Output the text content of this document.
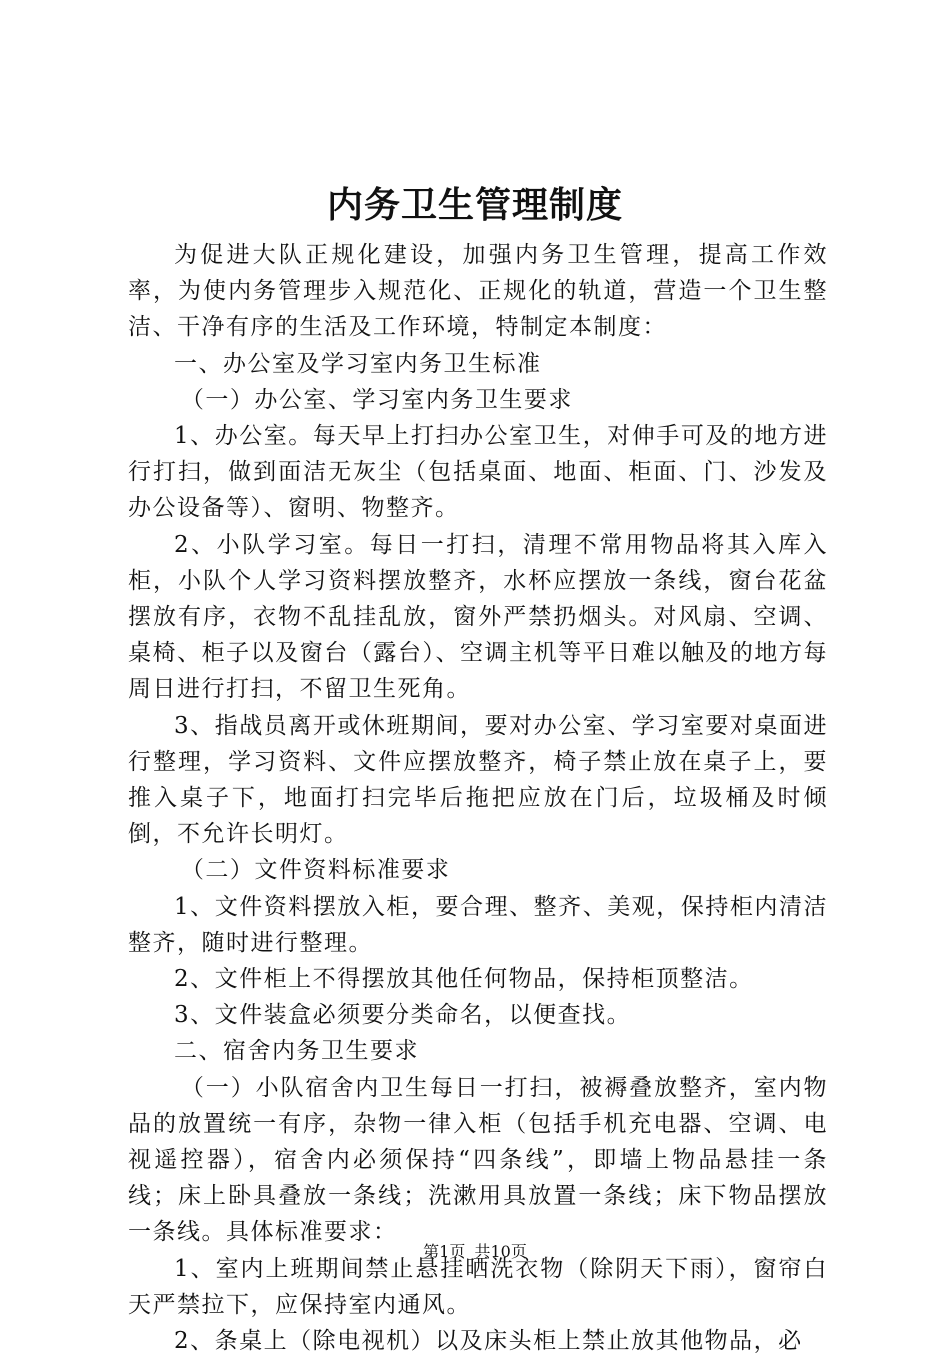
内务卫生管理制度

为促进大队正规化建设，加强内务卫生管理，提高工作效率，为使内务管理步入规范化、正规化的轨道，营造一个卫生整洁、干净有序的生活及工作环境，特制定本制度：

一、办公室及学习室内务卫生标准

（一）办公室、学习室内务卫生要求

1、办公室。每天早上打扫办公室卫生，对伸手可及的地方进行打扫，做到面洁无灰尘（包括桌面、地面、柜面、门、沙发及办公设备等）、窗明、物整齐。

2、小队学习室。每日一打扫，清理不常用物品将其入库入柜，小队个人学习资料摆放整齐，水杯应摆放一条线，窗台花盆摆放有序，衣物不乱挂乱放，窗外严禁扔烟头。对风扇、空调、桌椅、柜子以及窗台（露台）、空调主机等平日难以触及的地方每周日进行打扫，不留卫生死角。

3、指战员离开或休班期间，要对办公室、学习室要对桌面进行整理，学习资料、文件应摆放整齐，椅子禁止放在桌子上，要推入桌子下，地面打扫完毕后拖把应放在门后，垃圾桶及时倾倒，不允许长明灯。

（二）文件资料标准要求

1、文件资料摆放入柜，要合理、整齐、美观，保持柜内清洁整齐，随时进行整理。

2、文件柜上不得摆放其他任何物品，保持柜顶整洁。

3、文件装盒必须要分类命名，以便查找。

二、宿舍内务卫生要求

（一）小队宿舍内卫生每日一打扫，被褥叠放整齐，室内物品的放置统一有序，杂物一律入柜（包括手机充电器、空调、电视遥控器），宿舍内必须保持“四条线”，即墙上物品悬挂一条线；床上卧具叠放一条线；洗漱用具放置一条线；床下物品摆放一条线。具体标准要求：

1、室内上班期间禁止悬挂晒洗衣物（除阴天下雨），窗帘白天严禁拉下，应保持室内通风。

2、条桌上（除电视机）以及床头柜上禁止放其他物品，必

第1页 共10页
